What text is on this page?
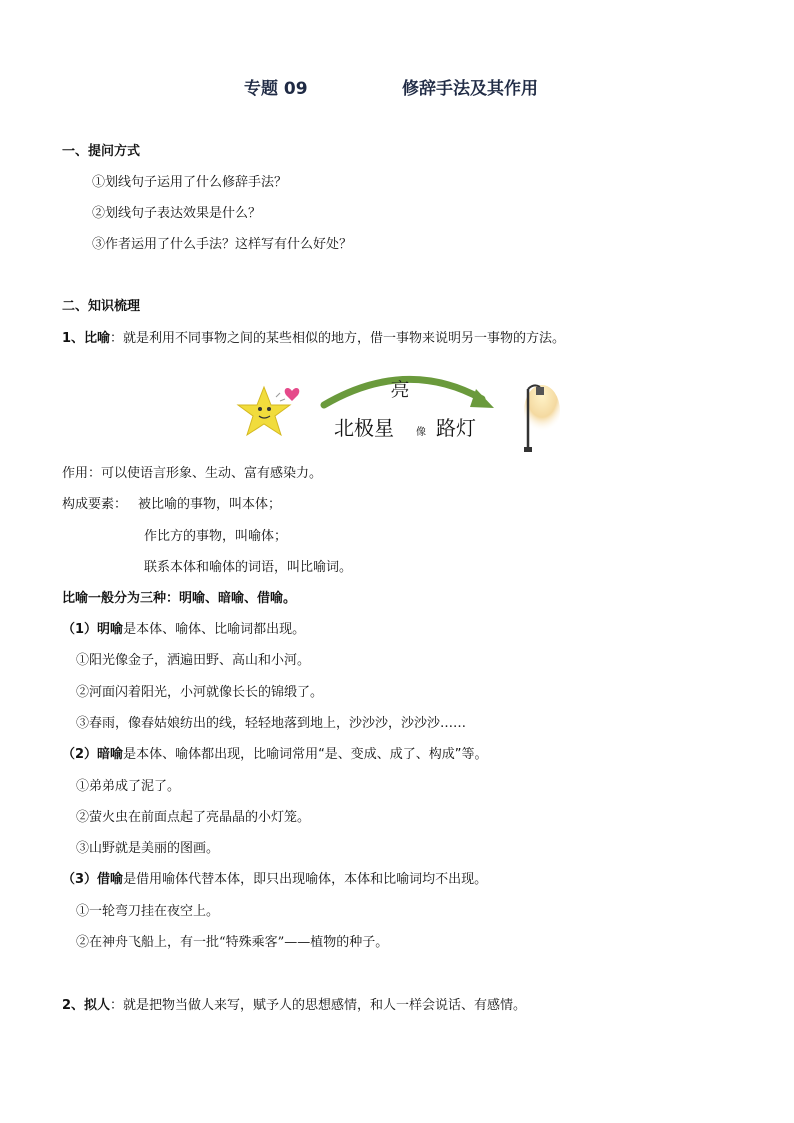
专题 09	修辞手法及其作用
一、提问方式
①划线句子运用了什么修辞手法？
②划线句子表达效果是什么？
③作者运用了什么手法？这样写有什么好处？
二、知识梳理
1、比喻：就是利用不同事物之间的某些相似的地方，借一事物来说明另一事物的方法。
亮
北极星 像 路灯
作用：可以使语言形象、生动、富有感染力。
构成要素： 被比喻的事物，叫本体；
作比方的事物，叫喻体；
联系本体和喻体的词语，叫比喻词。
比喻一般分为三种：明喻、暗喻、借喻。
（1）明喻是本体、喻体、比喻词都出现。
①阳光像金子，洒遍田野、高山和小河。
②河面闪着阳光，小河就像长长的锦缎了。
③春雨，像春姑娘纺出的线，轻轻地落到地上，沙沙沙，沙沙沙……
（2）暗喻是本体、喻体都出现，比喻词常用“是、变成、成了、构成”等。
①弟弟成了泥了。
②萤火虫在前面点起了亮晶晶的小灯笼。
③山野就是美丽的图画。
（3）借喻是借用喻体代替本体，即只出现喻体，本体和比喻词均不出现。
①一轮弯刀挂在夜空上。
②在神舟飞船上，有一批“特殊乘客”——植物的种子。
2、拟人：就是把物当做人来写，赋予人的思想感情，和人一样会说话、有感情。
